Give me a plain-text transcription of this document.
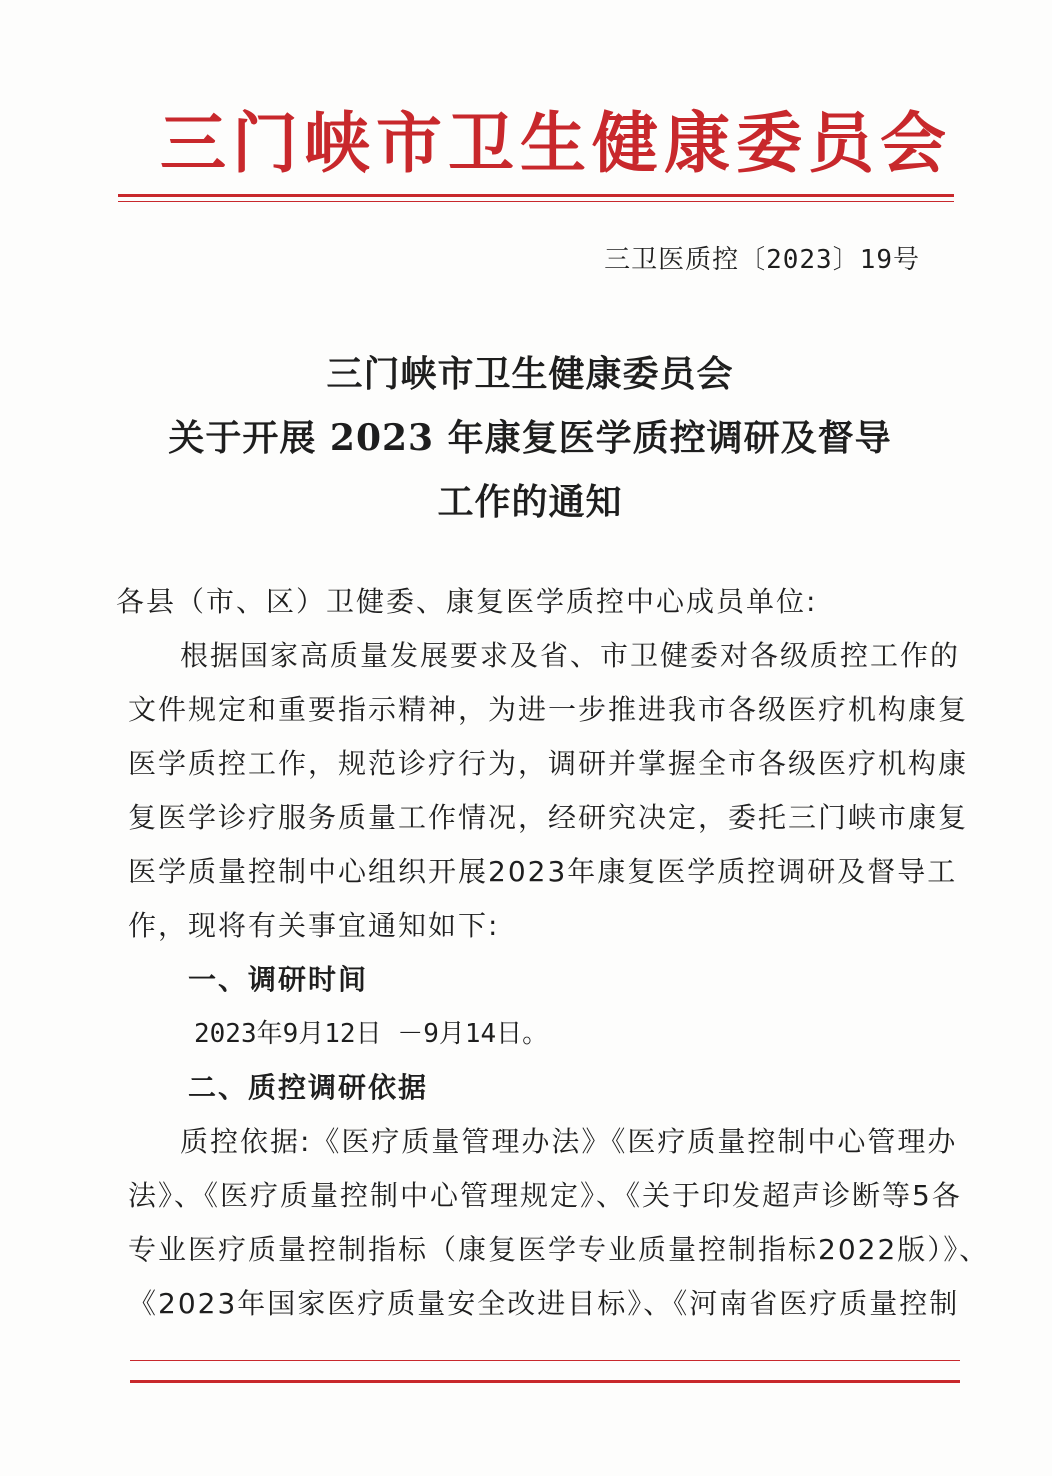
三门峡市卫生健康委员会
三卫医质控〔2023〕19号
三门峡市卫生健康委员会
关于开展 2023 年康复医学质控调研及督导
工作的通知
各县（市、区）卫健委、康复医学质控中心成员单位:
根据国家高质量发展要求及省、市卫健委对各级质控工作的
文件规定和重要指示精神，为进一步推进我市各级医疗机构康复
医学质控工作，规范诊疗行为，调研并掌握全市各级医疗机构康
复医学诊疗服务质量工作情况，经研究决定，委托三门峡市康复
医学质量控制中心组织开展2023年康复医学质控调研及督导工
作，现将有关事宜通知如下:
一、调研时间
2023年9月12日 －9月14日。
二、质控调研依据
质控依据:《医疗质量管理办法》《医疗质量控制中心管理办
法》、《医疗质量控制中心管理规定》、《关于印发超声诊断等5各
专业医疗质量控制指标（康复医学专业质量控制指标2022版）》、
《2023年国家医疗质量安全改进目标》、《河南省医疗质量控制
